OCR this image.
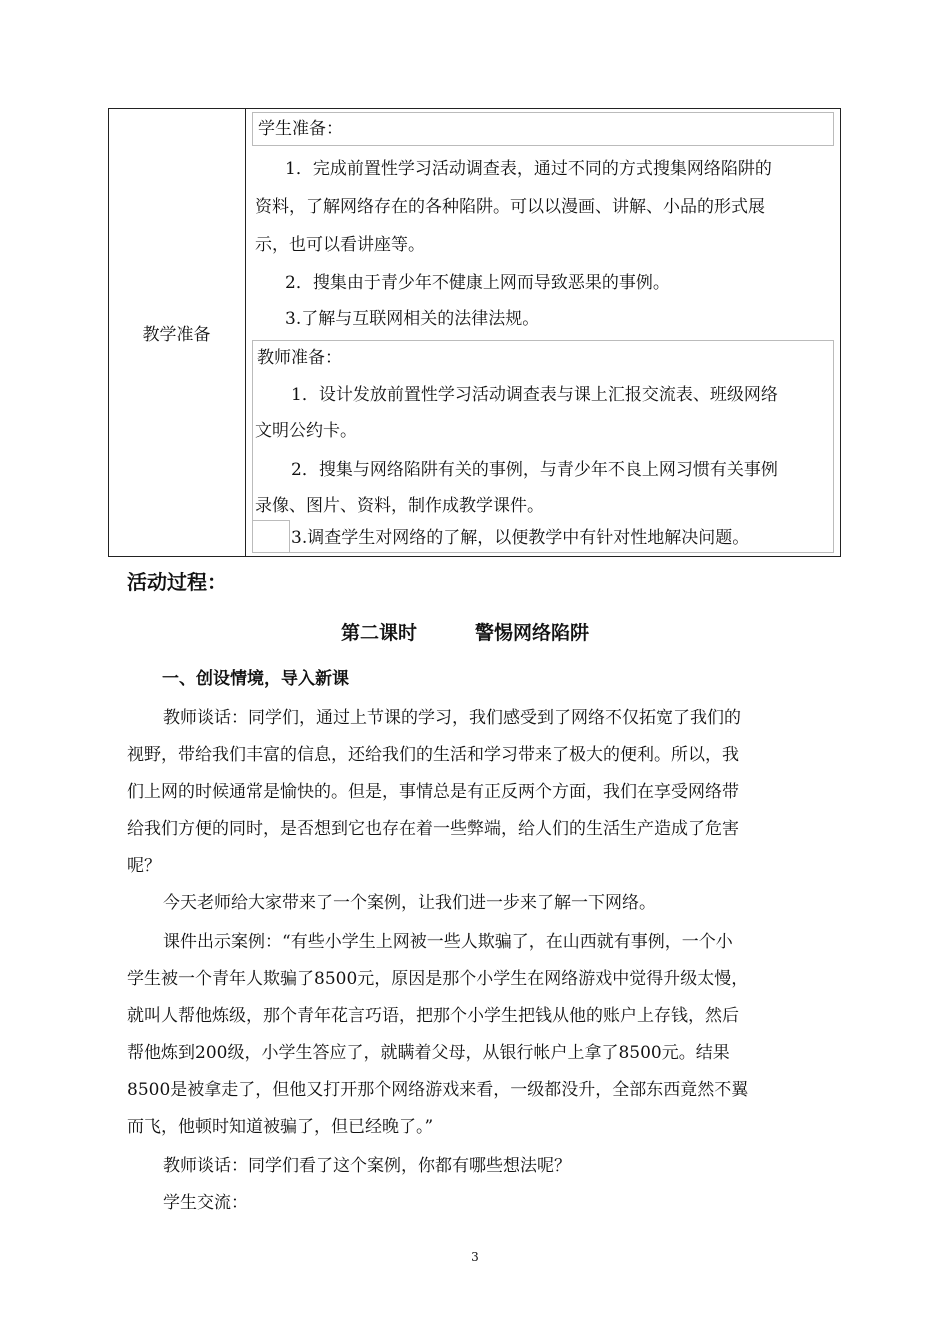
教学准备
学生准备：
1．完成前置性学习活动调查表，通过不同的方式搜集网络陷阱的
资料，了解网络存在的各种陷阱。可以以漫画、讲解、小品的形式展
示，也可以看讲座等。
2．搜集由于青少年不健康上网而导致恶果的事例。
3.了解与互联网相关的法律法规。
教师准备：
1．设计发放前置性学习活动调查表与课上汇报交流表、班级网络
文明公约卡。
2．搜集与网络陷阱有关的事例，与青少年不良上网习惯有关事例
录像、图片、资料，制作成教学课件。
3.调查学生对网络的了解，以便教学中有针对性地解决问题。
活动过程：
第二课时	警惕网络陷阱
一、创设情境，导入新课
教师谈话：同学们，通过上节课的学习，我们感受到了网络不仅拓宽了我们的
视野，带给我们丰富的信息，还给我们的生活和学习带来了极大的便利。所以，我
们上网的时候通常是愉快的。但是，事情总是有正反两个方面，我们在享受网络带
给我们方便的同时，是否想到它也存在着一些弊端，给人们的生活生产造成了危害
呢？
今天老师给大家带来了一个案例，让我们进一步来了解一下网络。
课件出示案例：“有些小学生上网被一些人欺骗了，在山西就有事例，一个小
学生被一个青年人欺骗了8500元，原因是那个小学生在网络游戏中觉得升级太慢，
就叫人帮他炼级，那个青年花言巧语，把那个小学生把钱从他的账户上存钱，然后
帮他炼到200级，小学生答应了，就瞒着父母，从银行帐户上拿了8500元。结果
8500是被拿走了，但他又打开那个网络游戏来看，一级都没升，全部东西竟然不翼
而飞，他顿时知道被骗了，但已经晚了。”
教师谈话：同学们看了这个案例，你都有哪些想法呢？
学生交流：
3
